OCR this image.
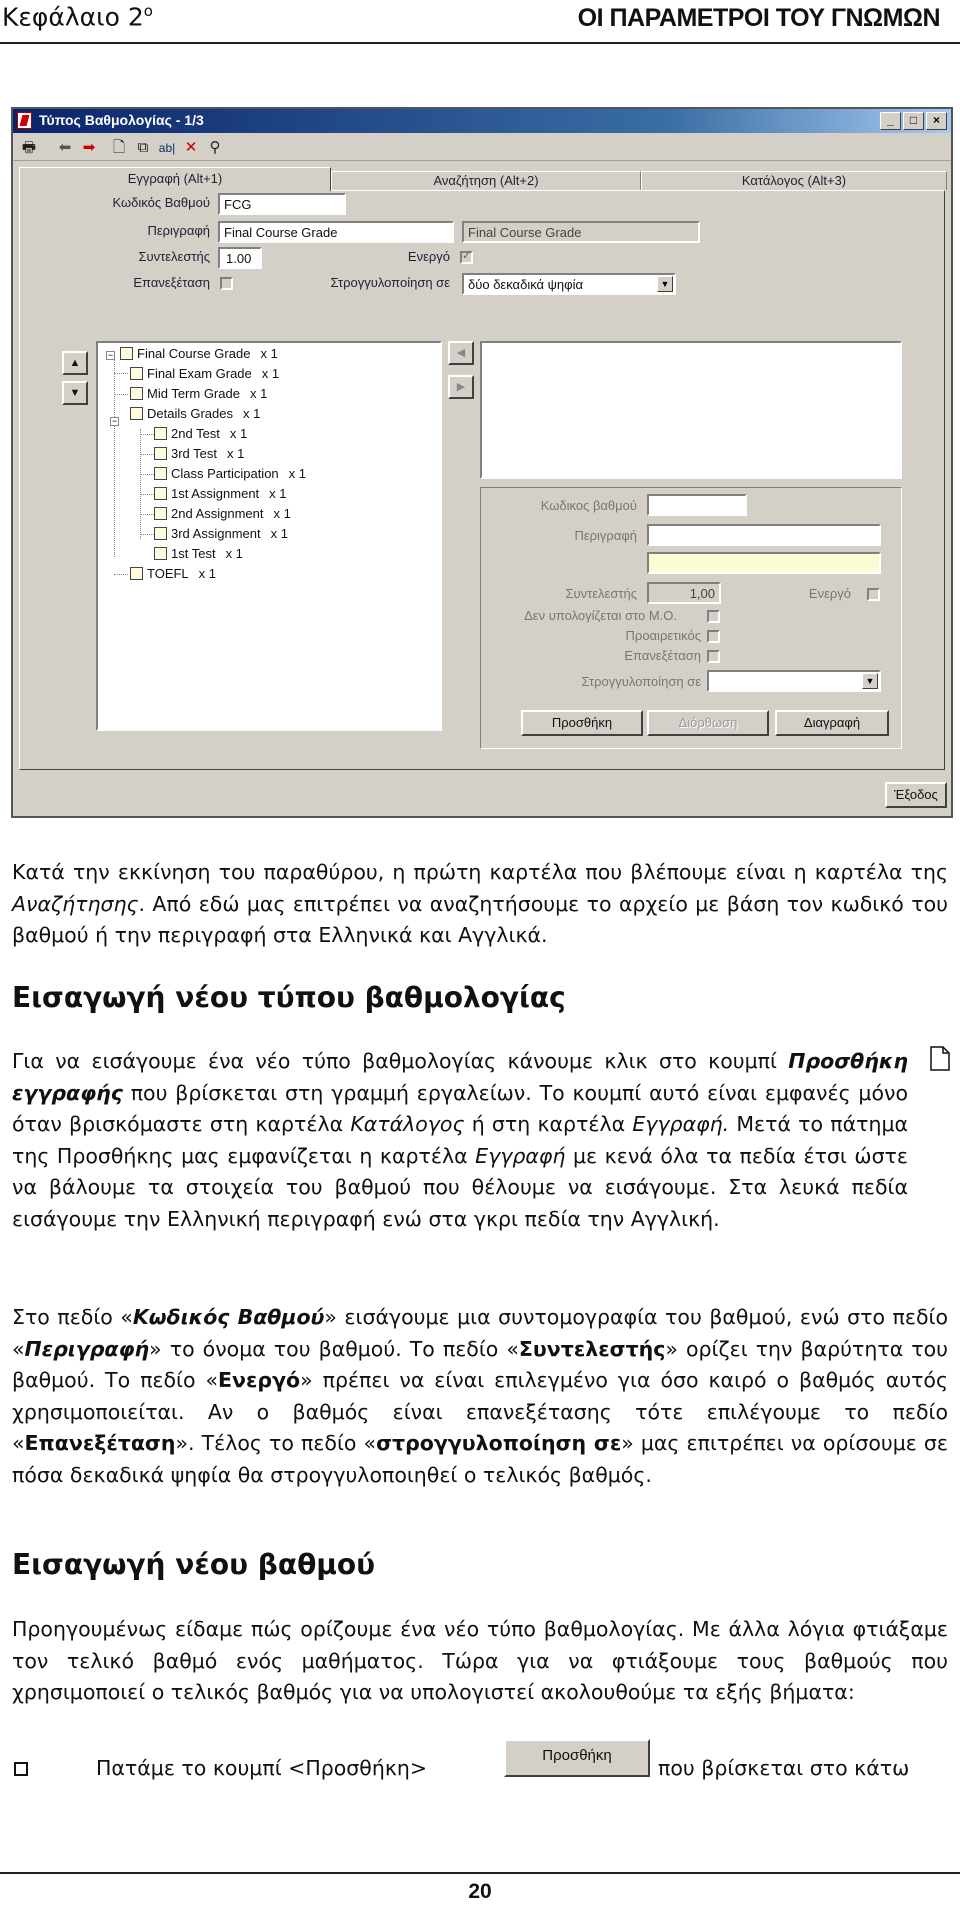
Κεφάλαιο $2^o$	ΟΙ ΠΑΡΑΜΕΤΡΟΙ ΤΟΥ ΓΝΩΜΩΝ
Τύπος Βαθμολογίας - 1/3	_	□	×
🖶 ⬅ ➡ 🗋 ⧉ ab| ✕ ⚲
Εγγραφή (Alt+1)	Αναζήτηση (Alt+2)	Κατάλογος (Alt+3)
Κωδικός Βαθμού	FCG
Περιγραφή	Final Course Grade	Final Course Grade
Συντελεστής	1.00	Ενεργό
✓
Επανεξέταση	Στρογγυλοποίηση σε	δύο δεκαδικά ψηφία	▼
▲
▼
−
−
Final Course Grade x 1
Final Exam Grade x 1
Mid Term Grade x 1
Details Grades x 1
2nd Test x 1
3rd Test x 1
Class Participation x 1
1st Assignment x 1
2nd Assignment x 1
3rd Assignment x 1
1st Test x 1
TOEFL x 1
◀
▶
Κωδικος βαθμού
Περιγραφή
Συντελεστής	1,00	Ενεργό
Δεν υπολογίζεται στο Μ.Ο.
Προαιρετικός
Επανεξέταση
Στρογγυλοποίηση σε	▼
Προσθήκη	Διόρθωση	Διαγραφή
Έξοδος
Κατά την εκκίνηση του παραθύρου, η πρώτη καρτέλα που βλέπουμε είναι η καρτέλα της Αναζήτησης. Από εδώ μας επιτρέπει να αναζητήσουμε το αρχείο με βάση τον κωδικό του βαθμού ή την περιγραφή στα Ελληνικά και Αγγλικά.
Εισαγωγή νέου τύπου βαθμολογίας
Για να εισάγουμε ένα νέο τύπο βαθμολογίας κάνουμε κλικ στο κουμπί Προσθήκη εγγραφής που βρίσκεται στη γραμμή εργαλείων. Το κουμπί αυτό είναι εμφανές μόνο όταν βρισκόμαστε στη καρτέλα Κατάλογος ή στη καρτέλα Εγγραφή. Μετά το πάτημα της Προσθήκης μας εμφανίζεται η καρτέλα Εγγραφή με κενά όλα τα πεδία έτσι ώστε να βάλουμε τα στοιχεία του βαθμού που θέλουμε να εισάγουμε. Στα λευκά πεδία εισάγουμε την Ελληνική περιγραφή ενώ στα γκρι πεδία την Αγγλική.
Στο πεδίο «Κωδικός Βαθμού» εισάγουμε μια συντομογραφία του βαθμού, ενώ στο πεδίο «Περιγραφή» το όνομα του βαθμού. Το πεδίο «Συντελεστής» ορίζει την βαρύτητα του βαθμού. Το πεδίο «Ενεργό» πρέπει να είναι επιλεγμένο για όσο καιρό ο βαθμός αυτός χρησιμοποιείται. Αν ο βαθμός είναι επανεξέτασης τότε επιλέγουμε το πεδίο «Επανεξέταση». Τέλος το πεδίο «στρογγυλοποίηση σε» μας επιτρέπει να ορίσουμε σε πόσα δεκαδικά ψηφία θα στρογγυλοποιηθεί ο τελικός βαθμός.
Εισαγωγή νέου βαθμού
Προηγουμένως είδαμε πώς ορίζουμε ένα νέο τύπο βαθμολογίας. Με άλλα λόγια φτιάξαμε τον τελικό βαθμό ενός μαθήματος. Τώρα για να φτιάξουμε τους βαθμούς που χρησιμοποιεί ο τελικός βαθμός για να υπολογιστεί ακολουθούμε τα εξής βήματα:
Πατάμε το κουμπί <Προσθήκη>
Προσθήκη
που βρίσκεται στο κάτω
20
